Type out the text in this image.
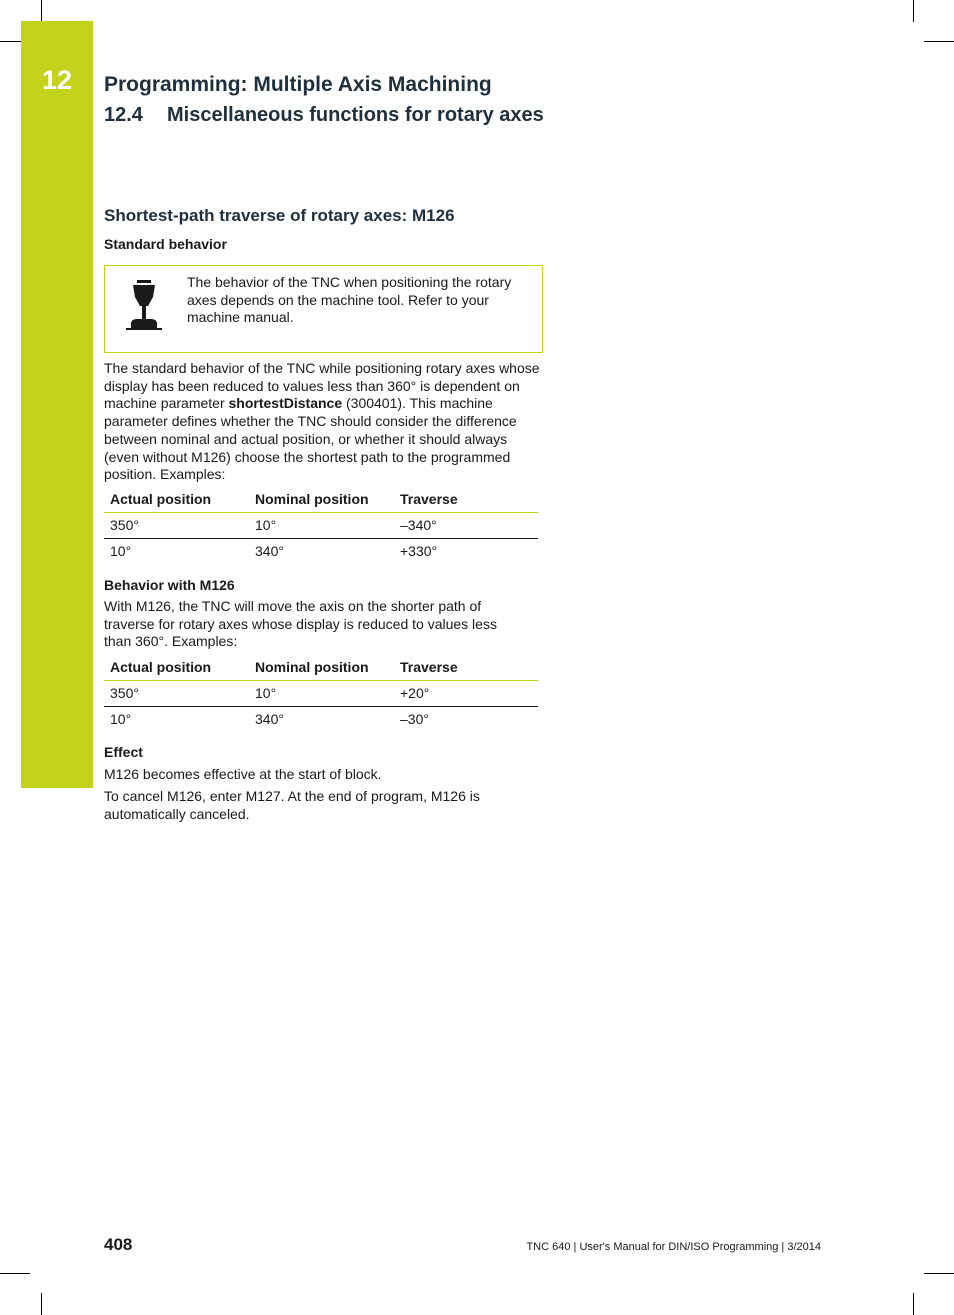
12	Programming: Multiple Axis Machining
12.4 Miscellaneous functions for rotary axes
Shortest-path traverse of rotary axes: M126
Standard behavior
The behavior of the TNC when positioning the rotary axes depends on the machine tool. Refer to your machine manual.
The standard behavior of the TNC while positioning rotary axes whose display has been reduced to values less than 360° is dependent on machine parameter shortestDistance (300401). This machine parameter defines whether the TNC should consider the difference between nominal and actual position, or whether it should always (even without M126) choose the shortest path to the programmed position. Examples:
Actual position	Nominal position	Traverse
350°	10°	–340°
10°	340°	+330°
Behavior with M126
With M126, the TNC will move the axis on the shorter path of traverse for rotary axes whose display is reduced to values less than 360°. Examples:
Actual position	Nominal position	Traverse
350°	10°	+20°
10°	340°	–30°
Effect
M126 becomes effective at the start of block.
To cancel M126, enter M127. At the end of program, M126 is automatically canceled.
408	TNC 640 | User's Manual for DIN/ISO Programming | 3/2014
